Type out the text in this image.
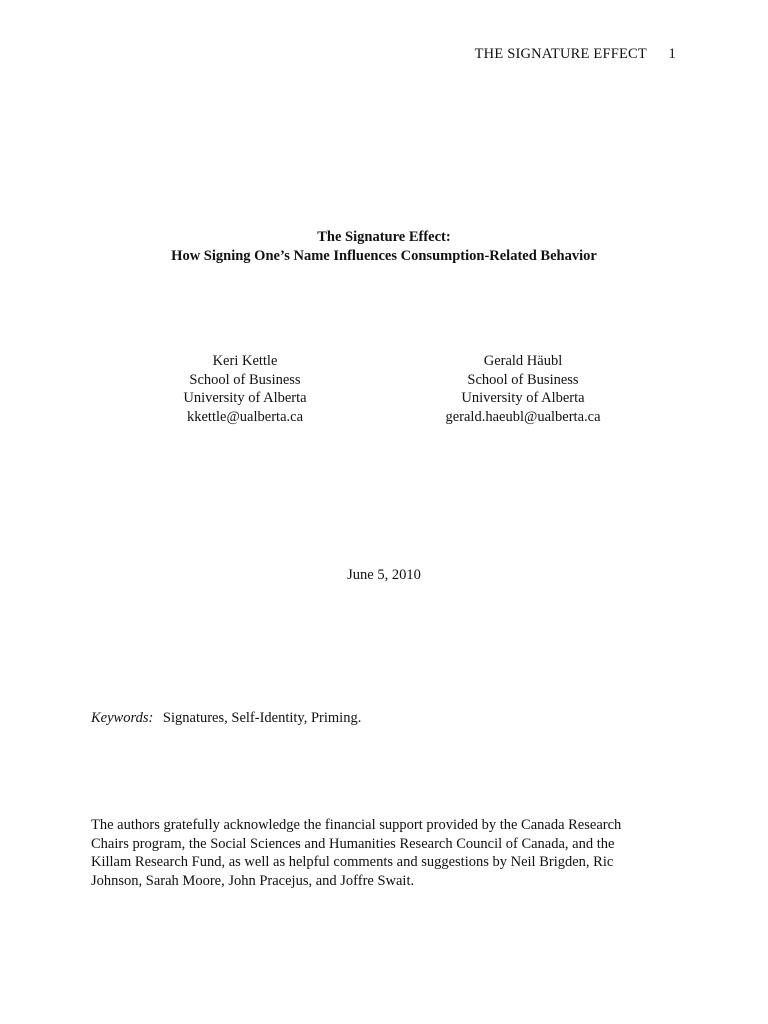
THE SIGNATURE EFFECT 1
The Signature Effect:
How Signing One’s Name Influences Consumption-Related Behavior
Keri Kettle
School of Business
University of Alberta
kkettle@ualberta.ca
Gerald Häubl
School of Business
University of Alberta
gerald.haeubl@ualberta.ca
June 5, 2010
Keywords: Signatures, Self-Identity, Priming.
The authors gratefully acknowledge the financial support provided by the Canada Research
Chairs program, the Social Sciences and Humanities Research Council of Canada, and the
Killam Research Fund, as well as helpful comments and suggestions by Neil Brigden, Ric
Johnson, Sarah Moore, John Pracejus, and Joffre Swait.
